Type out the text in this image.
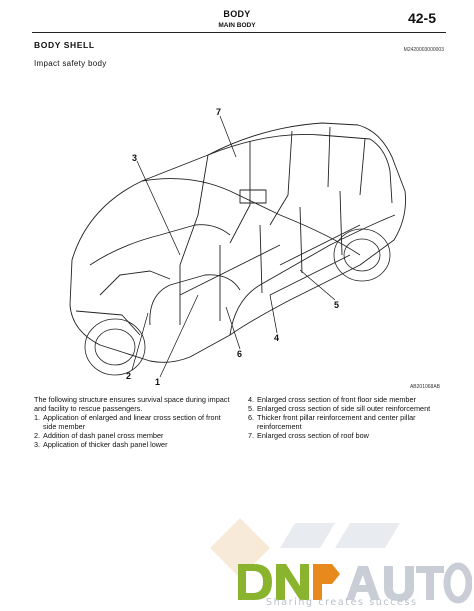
BODY
MAIN BODY	42-5
M2420003000003
BODY SHELL
Impact safety body
7
3
2
1
5
4
6
AB201068AB

The following structure ensures survival space during impact and facility to rescue passengers.

1. Application of enlarged and linear cross section of front side member
2. Addition of dash panel cross member
3. Application of thicker dash panel lower
4. Enlarged cross section of front floor side member
5. Enlarged cross section of side sill outer reinforcement
6. Thicker front pillar reinforcement and center pillar reinforcement
7. Enlarged cross section of roof bow
Sharing creates success
